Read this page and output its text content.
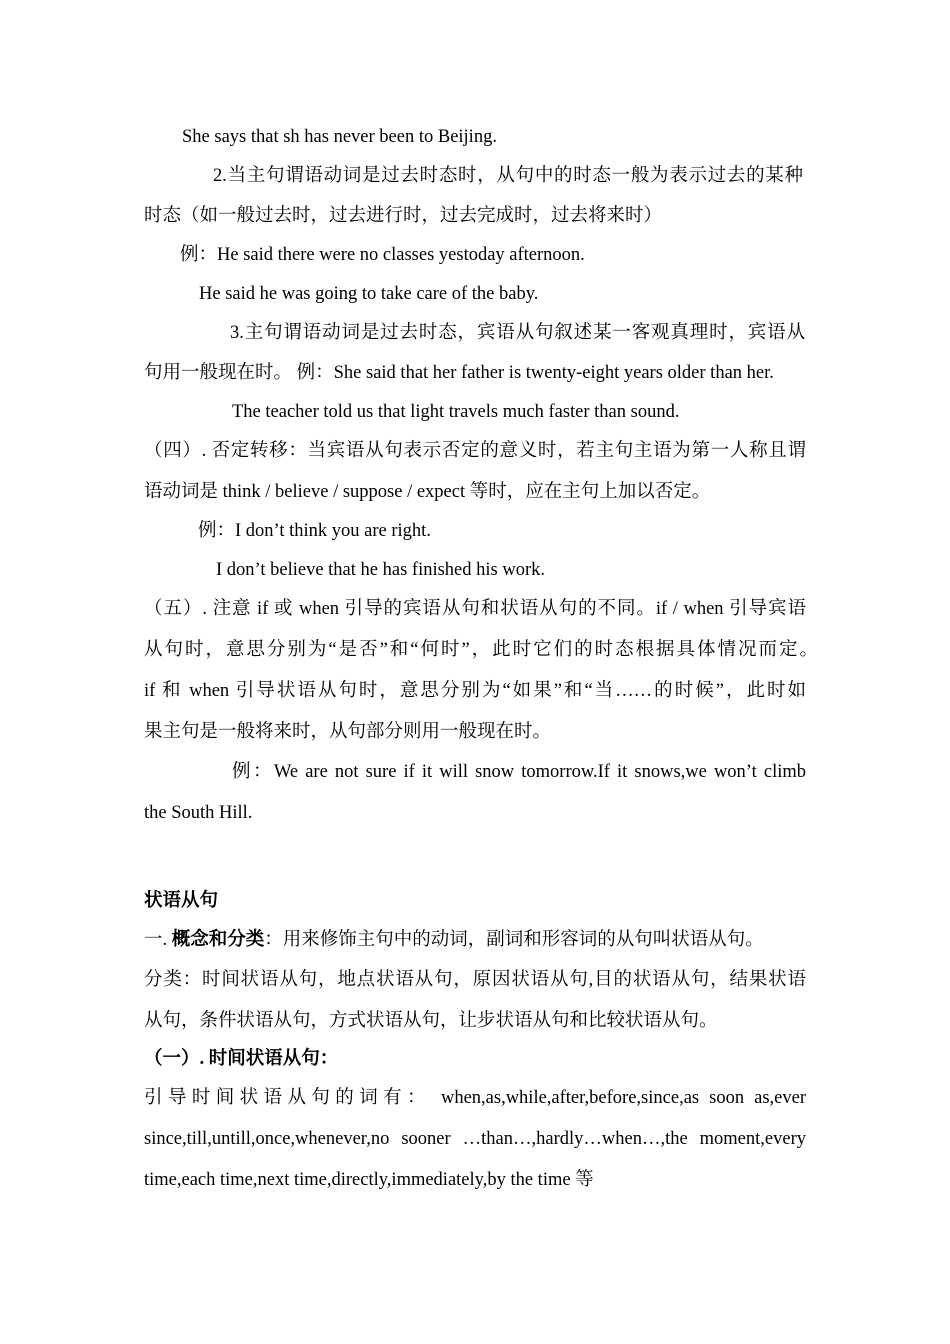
She says that sh has never been to Beijing.
2.当主句谓语动词是过去时态时，从句中的时态一般为表示过去的某种
时态（如一般过去时，过去进行时，过去完成时，过去将来时）
例：He said there were no classes yestoday afternoon.
He said he was going to take care of the baby.
3.主句谓语动词是过去时态，宾语从句叙述某一客观真理时，宾语从
句用一般现在时。 例：She said that her father is twenty-eight years older than her.
The teacher told us that light travels much faster than sound.
（四）. 否定转移：当宾语从句表示否定的意义时，若主句主语为第一人称且谓
语动词是 think / believe / suppose / expect 等时，应在主句上加以否定。
例：I don’t think you are right.
I don’t believe that he has finished his work.
（五）. 注意 if 或 when 引导的宾语从句和状语从句的不同。if / when 引导宾语
从句时，意思分别为“是否”和“何时”，此时它们的时态根据具体情况而定。
if 和 when 引导状语从句时，意思分别为“如果”和“当……的时候”，此时如
果主句是一般将来时，从句部分则用一般现在时。
例：We are not sure if it will snow tomorrow.If it snows,we won’t climb
the South Hill.
状语从句
一. 概念和分类：用来修饰主句中的动词，副词和形容词的从句叫状语从句。
分类：时间状语从句，地点状语从句，原因状语从句,目的状语从句，结果状语
从句，条件状语从句，方式状语从句，让步状语从句和比较状语从句。
（一）. 时间状语从句：
引导时间状语从句的词有： when,as,while,after,before,since,as soon as,ever
since,till,untill,once,whenever,no sooner …than…,hardly…when…,the moment,every
time,each time,next time,directly,immediately,by the time 等
